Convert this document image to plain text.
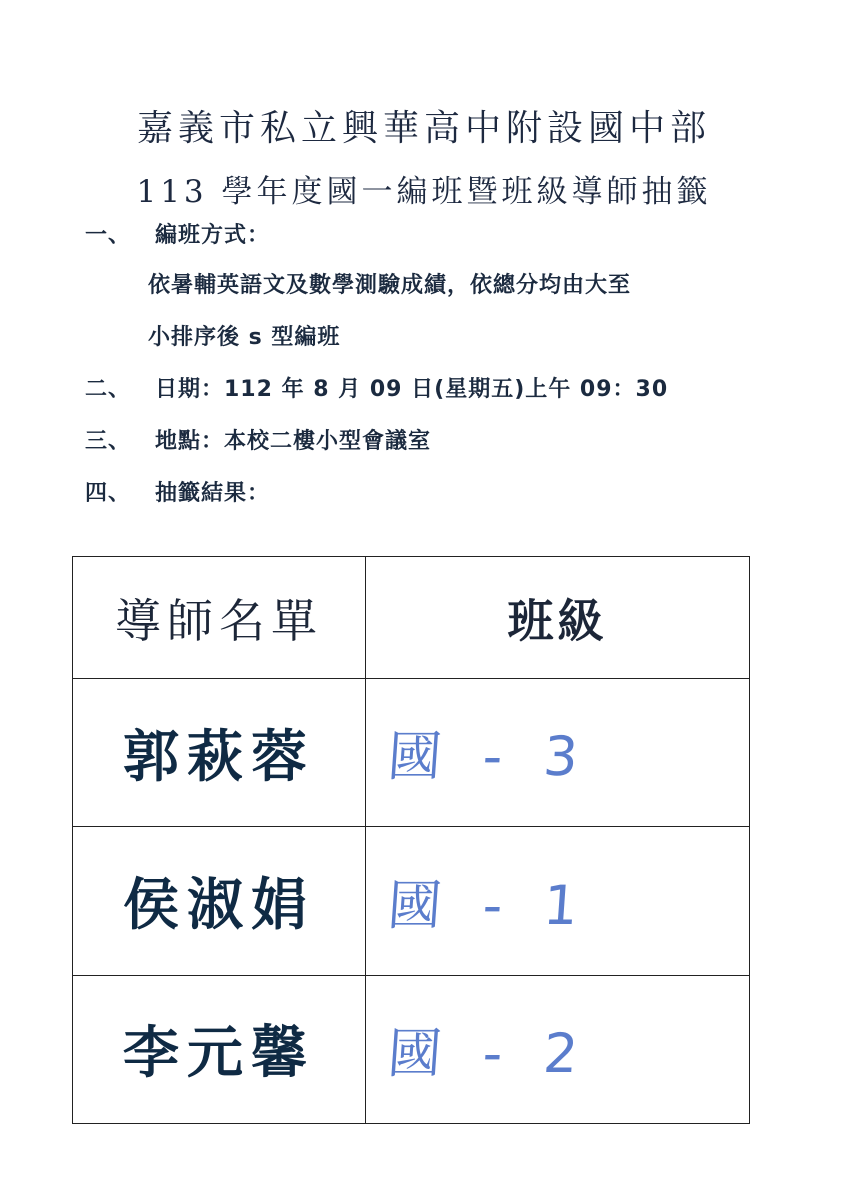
嘉義市私立興華高中附設國中部
113 學年度國一編班暨班級導師抽籤
一、 編班方式：
依暑輔英語文及數學測驗成績，依總分均由大至
小排序後 s 型編班
二、 日期：112 年 8 月 09 日(星期五)上午 09：30
三、 地點：本校二樓小型會議室
四、 抽籤結果：
導師名單	班級
郭萩蓉	國 - 3
侯淑娟	國 - 1
李元馨	國 - 2
